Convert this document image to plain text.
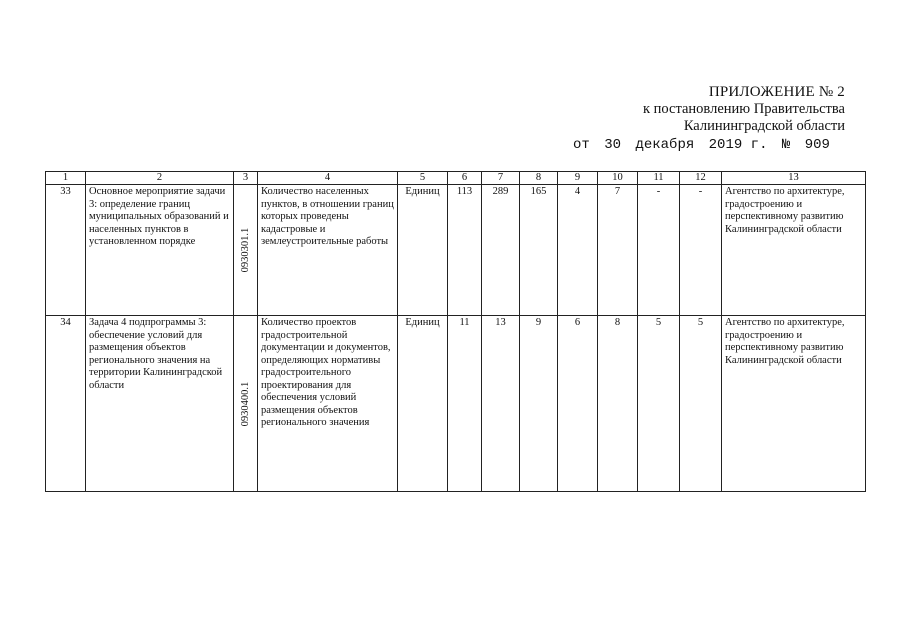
ПРИЛОЖЕНИЕ № 2
к постановлению Правительства
Калининградской области
от 30 декабря 2019 г. № 909
1	2	3	4	5	6	7	8	9	10	11	12	13
33	Основное мероприятие задачи 3: определение границ муниципальных образований и населенных пунктов в установленном порядке	0930301.1	Количество населенных пунктов, в отношении границ которых проведены кадастровые и землеустроительные работы	Единиц	113	289	165	4	7	-	-	Агентство по архитектуре, градостроению и перспективному развитию Калининградской области
34	Задача 4 подпрограммы 3: обеспечение условий для размещения объектов регионального значения на территории Калининградской области	0930400.1	Количество проектов градостроительной документации и документов, определяющих нормативы градостроительного проектирования для обеспечения условий размещения объектов регионального значения	Единиц	11	13	9	6	8	5	5	Агентство по архитектуре, градостроению и перспективному развитию Калининградской области
